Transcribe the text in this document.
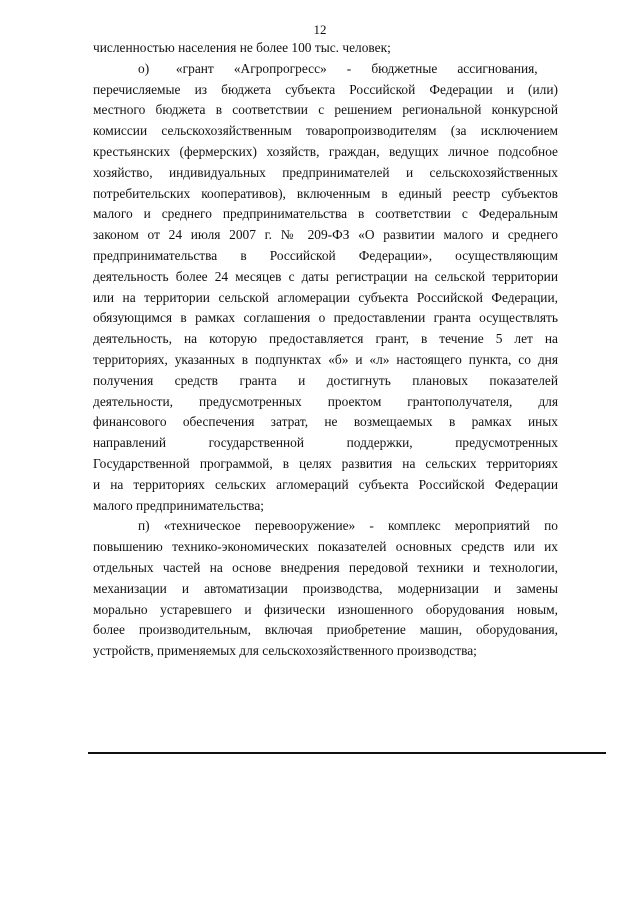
12

численностью населения не более 100 тыс. человек;

о)        «грант      «Агропрогресс»      -      бюджетные      ассигнования,

перечисляемые из бюджета субъекта Российской Федерации и (или)

местного бюджета в соответствии с решением региональной конкурсной

комиссии сельскохозяйственным товаропроизводителям (за исключением

крестьянских (фермерских) хозяйств, граждан, ведущих личное подсобное

хозяйство, индивидуальных предпринимателей и сельскохозяйственных

потребительских кооперативов), включенным в единый реестр субъектов

малого и среднего предпринимательства в соответствии с Федеральным

законом от 24 июля 2007 г. № 209-ФЗ «О развитии малого и среднего

предпринимательства в Российской Федерации», осуществляющим

деятельность более 24 месяцев с даты регистрации на сельской территории

или на территории сельской агломерации субъекта Российской Федерации,

обязующимся в рамках соглашения о предоставлении гранта осуществлять

деятельность, на которую предоставляется грант, в течение 5 лет на

территориях, указанных в подпунктах «б» и «л» настоящего пункта, со дня

получения средств гранта и достигнуть плановых показателей

деятельности, предусмотренных проектом грантополучателя, для

финансового обеспечения затрат, не возмещаемых в рамках иных

направлений государственной поддержки, предусмотренных

Государственной программой, в целях развития на сельских территориях

и на территориях сельских агломераций субъекта Российской Федерации

малого предпринимательства;

п) «техническое перевооружение» - комплекс мероприятий по

повышению технико-экономических показателей основных средств или их

отдельных частей на основе внедрения передовой техники и технологии,

механизации и автоматизации производства, модернизации и замены

морально устаревшего и физически изношенного оборудования новым,

более производительным, включая приобретение машин, оборудования,

устройств, применяемых для сельскохозяйственного производства;
